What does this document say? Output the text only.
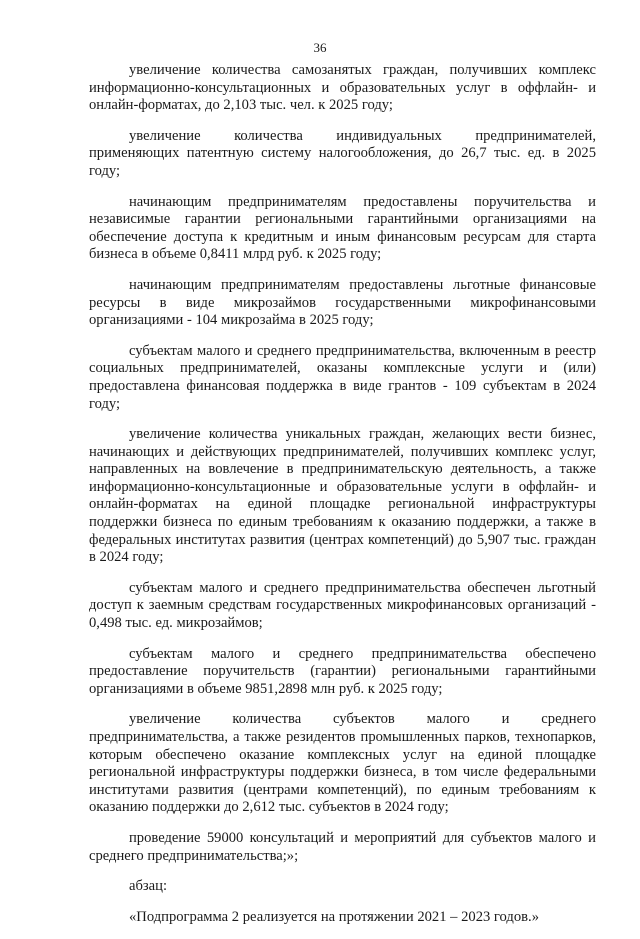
36

увеличение количества самозанятых граждан, получивших комплекс информационно-консультационных и образовательных услуг в оффлайн- и онлайн-форматах, до 2,103 тыс. чел. к 2025 году;

увеличение количества индивидуальных предпринимателей, применяющих патентную систему налогообложения, до 26,7 тыс. ед. в 2025 году;

начинающим предпринимателям предоставлены поручительства и независимые гарантии региональными гарантийными организациями на обеспечение доступа к кредитным и иным финансовым ресурсам для старта бизнеса в объеме 0,8411 млрд руб. к 2025 году;

начинающим предпринимателям предоставлены льготные финансовые ресурсы в виде микрозаймов государственными микрофинансовыми организациями - 104 микрозайма в 2025 году;

субъектам малого и среднего предпринимательства, включенным в реестр социальных предпринимателей, оказаны комплексные услуги и (или) предоставлена финансовая поддержка в виде грантов - 109 субъектам в 2024 году;

увеличение количества уникальных граждан, желающих вести бизнес, начинающих и действующих предпринимателей, получивших комплекс услуг, направленных на вовлечение в предпринимательскую деятельность, а также информационно-консультационные и образовательные услуги в оффлайн- и онлайн-форматах на единой площадке региональной инфраструктуры поддержки бизнеса по единым требованиям к оказанию поддержки, а также в федеральных институтах развития (центрах компетенций) до 5,907 тыс. граждан в 2024 году;

субъектам малого и среднего предпринимательства обеспечен льготный доступ к заемным средствам государственных микрофинансовых организаций - 0,498 тыс. ед. микрозаймов;

субъектам малого и среднего предпринимательства обеспечено предоставление поручительств (гарантии) региональными гарантийными организациями в объеме 9851,2898 млн руб. к 2025 году;

увеличение количества субъектов малого и среднего предпринимательства, а также резидентов промышленных парков, технопарков, которым обеспечено оказание комплексных услуг на единой площадке региональной инфраструктуры поддержки бизнеса, в том числе федеральными институтами развития (центрами компетенций), по единым требованиям к оказанию поддержки до 2,612 тыс. субъектов в 2024 году;

проведение 59000 консультаций и мероприятий для субъектов малого и среднего предпринимательства;»;

абзац:

«Подпрограмма 2 реализуется на протяжении 2021 – 2023 годов.»
